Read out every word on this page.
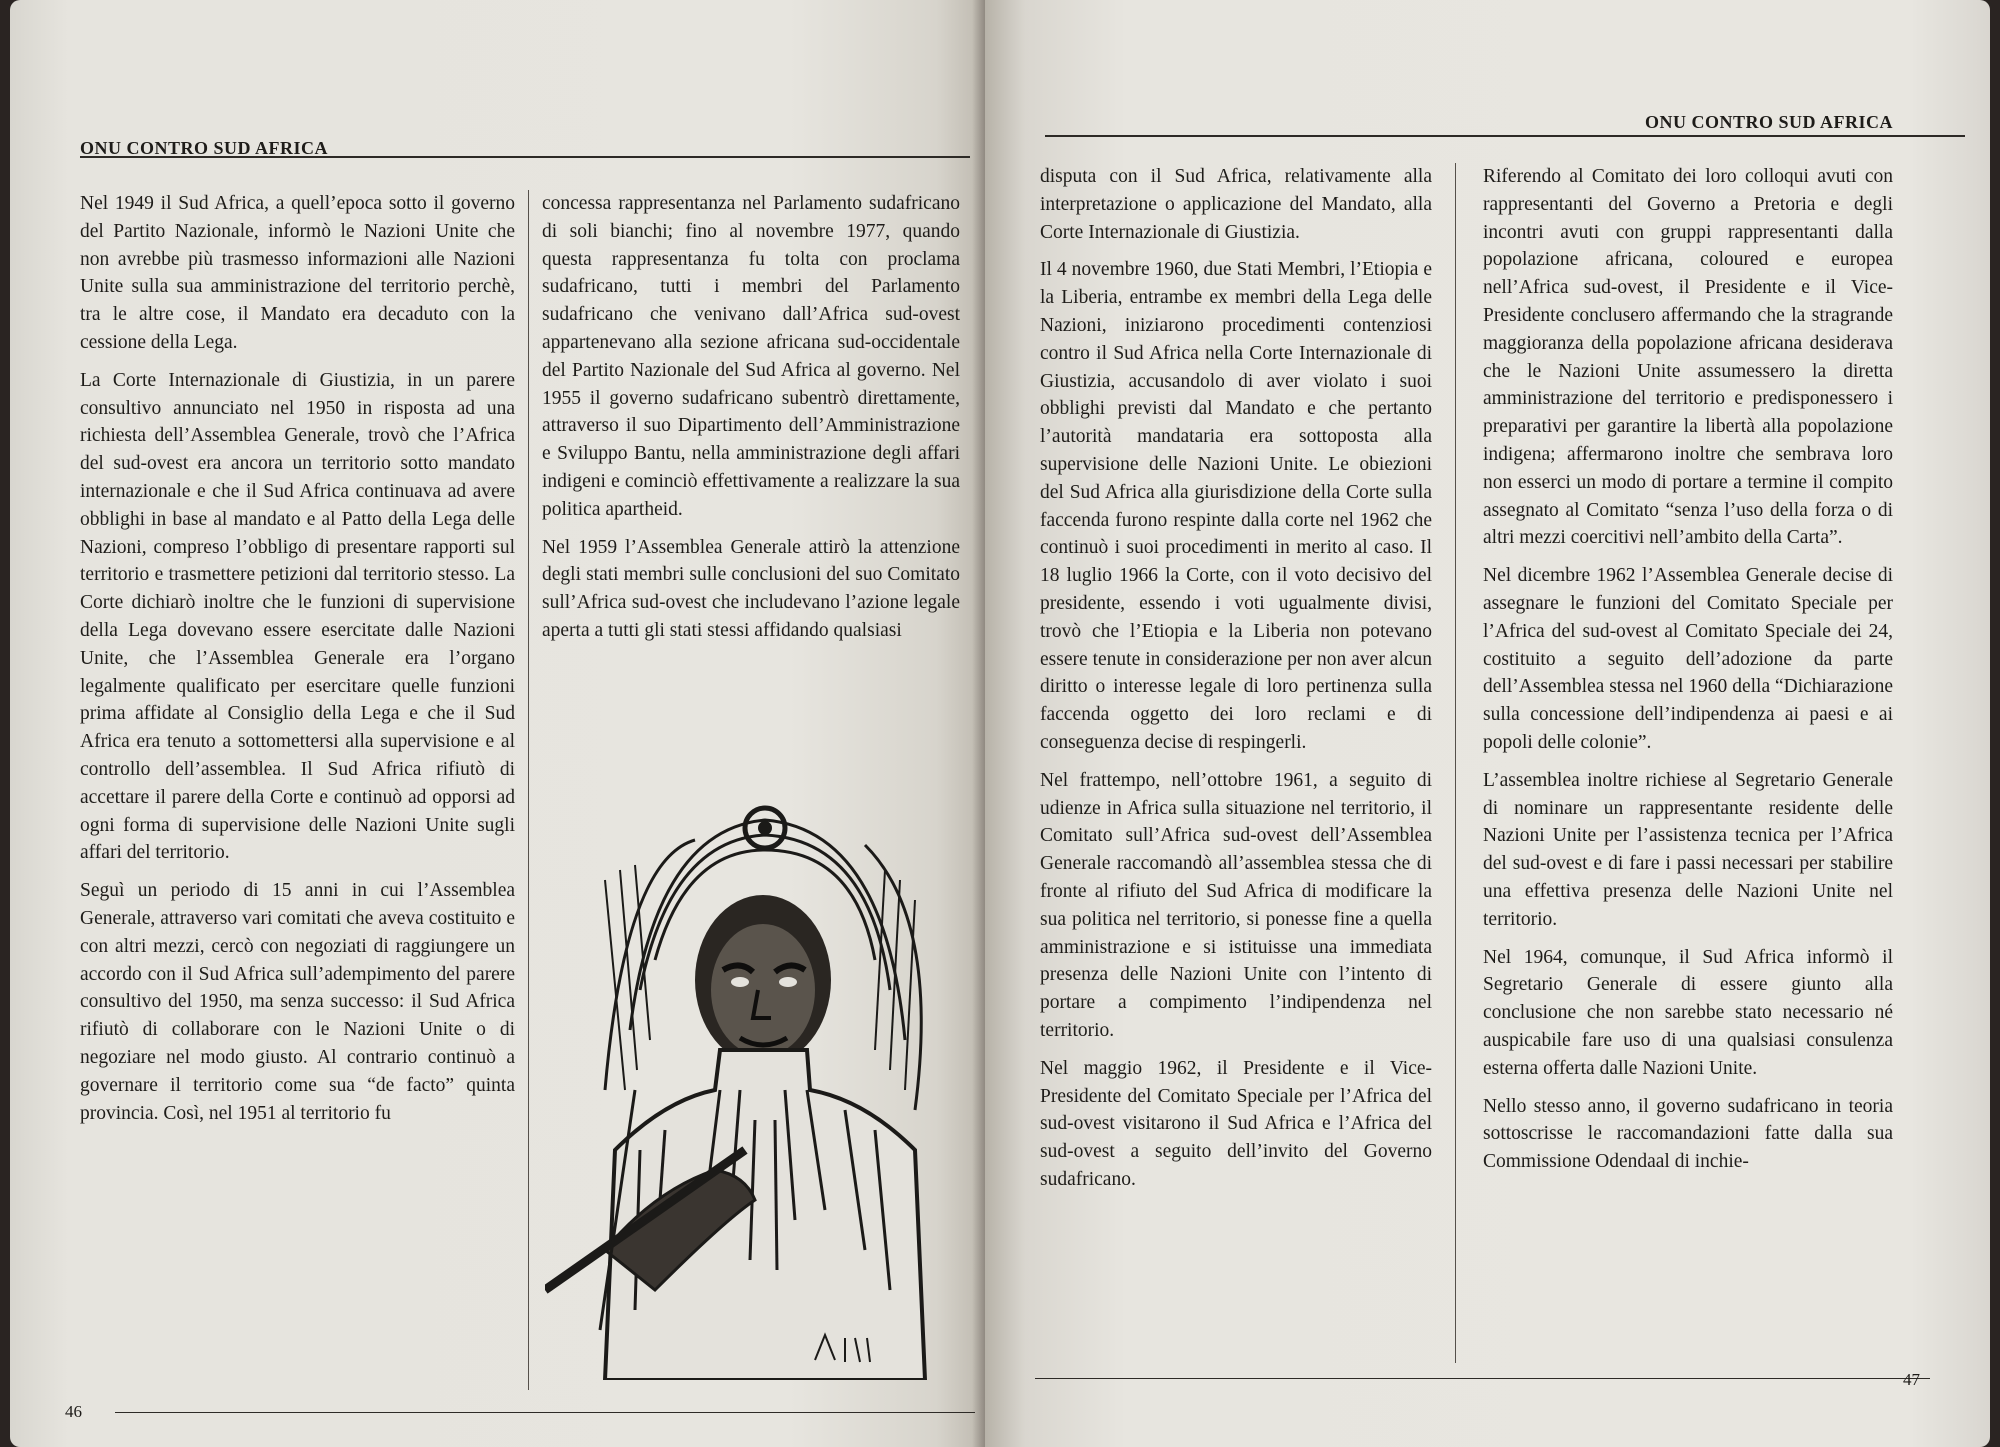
ONU CONTRO SUD AFRICA

Nel 1949 il Sud Africa, a quell’epoca sotto il governo del Partito Nazionale, informò le Nazioni Unite che non avrebbe più trasmesso informazioni alle Nazioni Unite sulla sua amministrazione del territorio perchè, tra le altre cose, il Mandato era decaduto con la cessione della Lega.

La Corte Internazionale di Giustizia, in un parere consultivo annunciato nel 1950 in risposta ad una richiesta dell’Assemblea Generale, trovò che l’Africa del sud-ovest era ancora un territorio sotto mandato internazionale e che il Sud Africa continuava ad avere obblighi in base al mandato e al Patto della Lega delle Nazioni, compreso l’obbligo di presentare rapporti sul territorio e trasmettere petizioni dal territorio stesso. La Corte dichiarò inoltre che le funzioni di supervisione della Lega dovevano essere esercitate dalle Nazioni Unite, che l’Assemblea Generale era l’organo legalmente qualificato per esercitare quelle funzioni prima affidate al Consiglio della Lega e che il Sud Africa era tenuto a sottomettersi alla supervisione e al controllo dell’assemblea. Il Sud Africa rifiutò di accettare il parere della Corte e continuò ad opporsi ad ogni forma di supervisione delle Nazioni Unite sugli affari del territorio.

Seguì un periodo di 15 anni in cui l’Assemblea Generale, attraverso vari comitati che aveva costituito e con altri mezzi, cercò con negoziati di raggiungere un accordo con il Sud Africa sull’adempimento del parere consultivo del 1950, ma senza successo: il Sud Africa rifiutò di collaborare con le Nazioni Unite o di negoziare nel modo giusto. Al contrario continuò a governare il territorio come sua “de facto” quinta provincia. Così, nel 1951 al territorio fu

concessa rappresentanza nel Parlamento sudafricano di soli bianchi; fino al novembre 1977, quando questa rappresentanza fu tolta con proclama sudafricano, tutti i membri del Parlamento sudafricano che venivano dall’Africa sud-ovest appartenevano alla sezione africana sud-occidentale del Partito Nazionale del Sud Africa al governo. Nel 1955 il governo sudafricano subentrò direttamente, attraverso il suo Dipartimento dell’Amministrazione e Sviluppo Bantu, nella amministrazione degli affari indigeni e cominciò effettivamente a realizzare la sua politica apartheid.

Nel 1959 l’Assemblea Generale attirò la attenzione degli stati membri sulle conclusioni del suo Comitato sull’Africa sud-ovest che includevano l’azione legale aperta a tutti gli stati stessi affidando qualsiasi

46
ONU CONTRO SUD AFRICA

disputa con il Sud Africa, relativamente alla interpretazione o applicazione del Mandato, alla Corte Internazionale di Giustizia.

Il 4 novembre 1960, due Stati Membri, l’Etiopia e la Liberia, entrambe ex membri della Lega delle Nazioni, iniziarono procedimenti contenziosi contro il Sud Africa nella Corte Internazionale di Giustizia, accusandolo di aver violato i suoi obblighi previsti dal Mandato e che pertanto l’autorità mandataria era sottoposta alla supervisione delle Nazioni Unite. Le obiezioni del Sud Africa alla giurisdizione della Corte sulla faccenda furono respinte dalla corte nel 1962 che continuò i suoi procedimenti in merito al caso. Il 18 luglio 1966 la Corte, con il voto decisivo del presidente, essendo i voti ugualmente divisi, trovò che l’Etiopia e la Liberia non potevano essere tenute in considerazione per non aver alcun diritto o interesse legale di loro pertinenza sulla faccenda oggetto dei loro reclami e di conseguenza decise di respingerli.

Nel frattempo, nell’ottobre 1961, a seguito di udienze in Africa sulla situazione nel territorio, il Comitato sull’Africa sud-ovest dell’Assemblea Generale raccomandò all’assemblea stessa che di fronte al rifiuto del Sud Africa di modificare la sua politica nel territorio, si ponesse fine a quella amministrazione e si istituisse una immediata presenza delle Nazioni Unite con l’intento di portare a compimento l’indipendenza nel territorio.

Nel maggio 1962, il Presidente e il Vice-Presidente del Comitato Speciale per l’Africa del sud-ovest visitarono il Sud Africa e l’Africa del sud-ovest a seguito dell’invito del Governo sudafricano.

Riferendo al Comitato dei loro colloqui avuti con rappresentanti del Governo a Pretoria e degli incontri avuti con gruppi rappresentanti dalla popolazione africana, coloured e europea nell’Africa sud-ovest, il Presidente e il Vice-Presidente conclusero affermando che la stragrande maggioranza della popolazione africana desiderava che le Nazioni Unite assumessero la diretta amministrazione del territorio e predisponessero i preparativi per garantire la libertà alla popolazione indigena; affermarono inoltre che sembrava loro non esserci un modo di portare a termine il compito assegnato al Comitato “senza l’uso della forza o di altri mezzi coercitivi nell’ambito della Carta”.

Nel dicembre 1962 l’Assemblea Generale decise di assegnare le funzioni del Comitato Speciale per l’Africa del sud-ovest al Comitato Speciale dei 24, costituito a seguito dell’adozione da parte dell’Assemblea stessa nel 1960 della “Dichiarazione sulla concessione dell’indipendenza ai paesi e ai popoli delle colonie”.

L’assemblea inoltre richiese al Segretario Generale di nominare un rappresentante residente delle Nazioni Unite per l’assistenza tecnica per l’Africa del sud-ovest e di fare i passi necessari per stabilire una effettiva presenza delle Nazioni Unite nel territorio.

Nel 1964, comunque, il Sud Africa informò il Segretario Generale di essere giunto alla conclusione che non sarebbe stato necessario né auspicabile fare uso di una qualsiasi consulenza esterna offerta dalle Nazioni Unite.

Nello stesso anno, il governo sudafricano in teoria sottoscrisse le raccomandazioni fatte dalla sua Commissione Odendaal di inchie-

47
